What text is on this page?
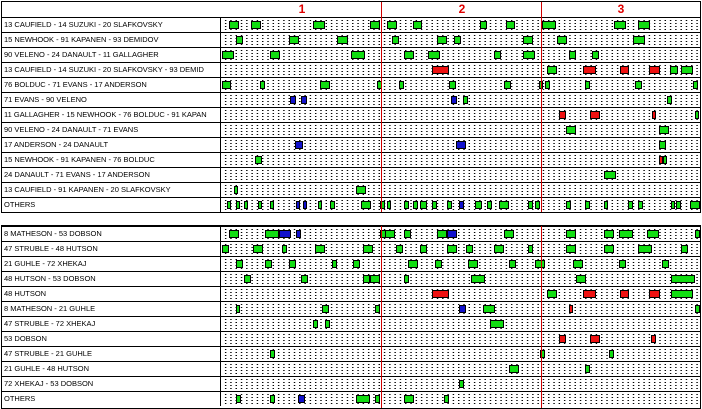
1	2	3
13 CAUFIELD - 14 SUZUKI - 20 SLAFKOVSKY
15 NEWHOOK - 91 KAPANEN - 93 DEMIDOV
90 VELENO - 24 DANAULT - 11 GALLAGHER
13 CAUFIELD - 14 SUZUKI - 20 SLAFKOVSKY - 93 DEMID
76 BOLDUC - 71 EVANS - 17 ANDERSON
71 EVANS - 90 VELENO
11 GALLAGHER - 15 NEWHOOK - 76 BOLDUC - 91 KAPAN
90 VELENO - 24 DANAULT - 71 EVANS
17 ANDERSON - 24 DANAULT
15 NEWHOOK - 91 KAPANEN - 76 BOLDUC
24 DANAULT - 71 EVANS - 17 ANDERSON
13 CAUFIELD - 91 KAPANEN - 20 SLAFKOVSKY
OTHERS
8 MATHESON - 53 DOBSON
47 STRUBLE - 48 HUTSON
21 GUHLE - 72 XHEKAJ
48 HUTSON - 53 DOBSON
48 HUTSON
8 MATHESON - 21 GUHLE
47 STRUBLE - 72 XHEKAJ
53 DOBSON
47 STRUBLE - 21 GUHLE
21 GUHLE - 48 HUTSON
72 XHEKAJ - 53 DOBSON
OTHERS
